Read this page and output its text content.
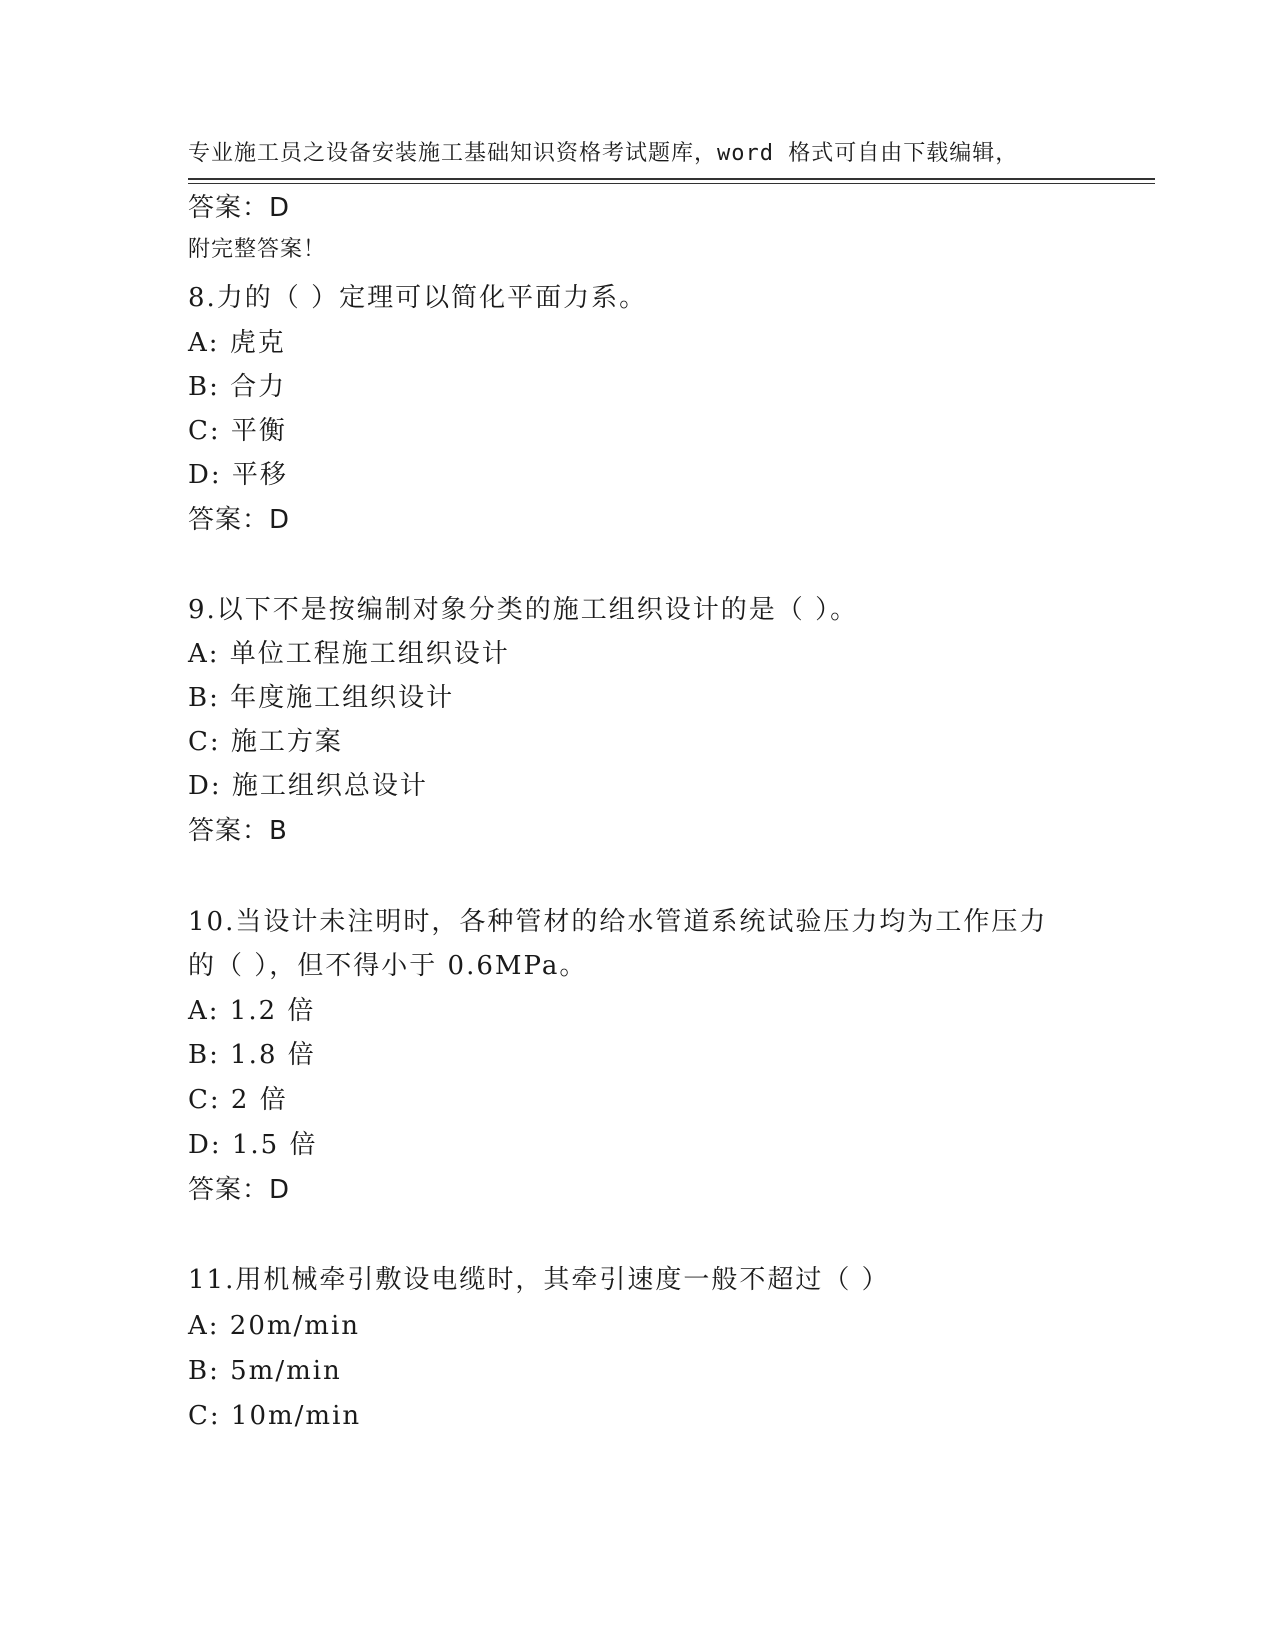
专业施工员之设备安装施工基础知识资格考试题库，word 格式可自由下载编辑，

附完整答案！

答案：D
8.力的（ ）定理可以简化平面力系。
A: 虎克
B: 合力
C: 平衡
D: 平移
答案：D
9.以下不是按编制对象分类的施工组织设计的是（ ）。
A: 单位工程施工组织设计
B: 年度施工组织设计
C: 施工方案
D: 施工组织总设计
答案：B
10.当设计未注明时，各种管材的给水管道系统试验压力均为工作压力
的（ ），但不得小于 0.6MPa。
A: 1.2 倍
B: 1.8 倍
C: 2 倍
D: 1.5 倍
答案：D
11.用机械牵引敷设电缆时，其牵引速度一般不超过（ ）
A: 20m/min
B: 5m/min
C: 10m/min
